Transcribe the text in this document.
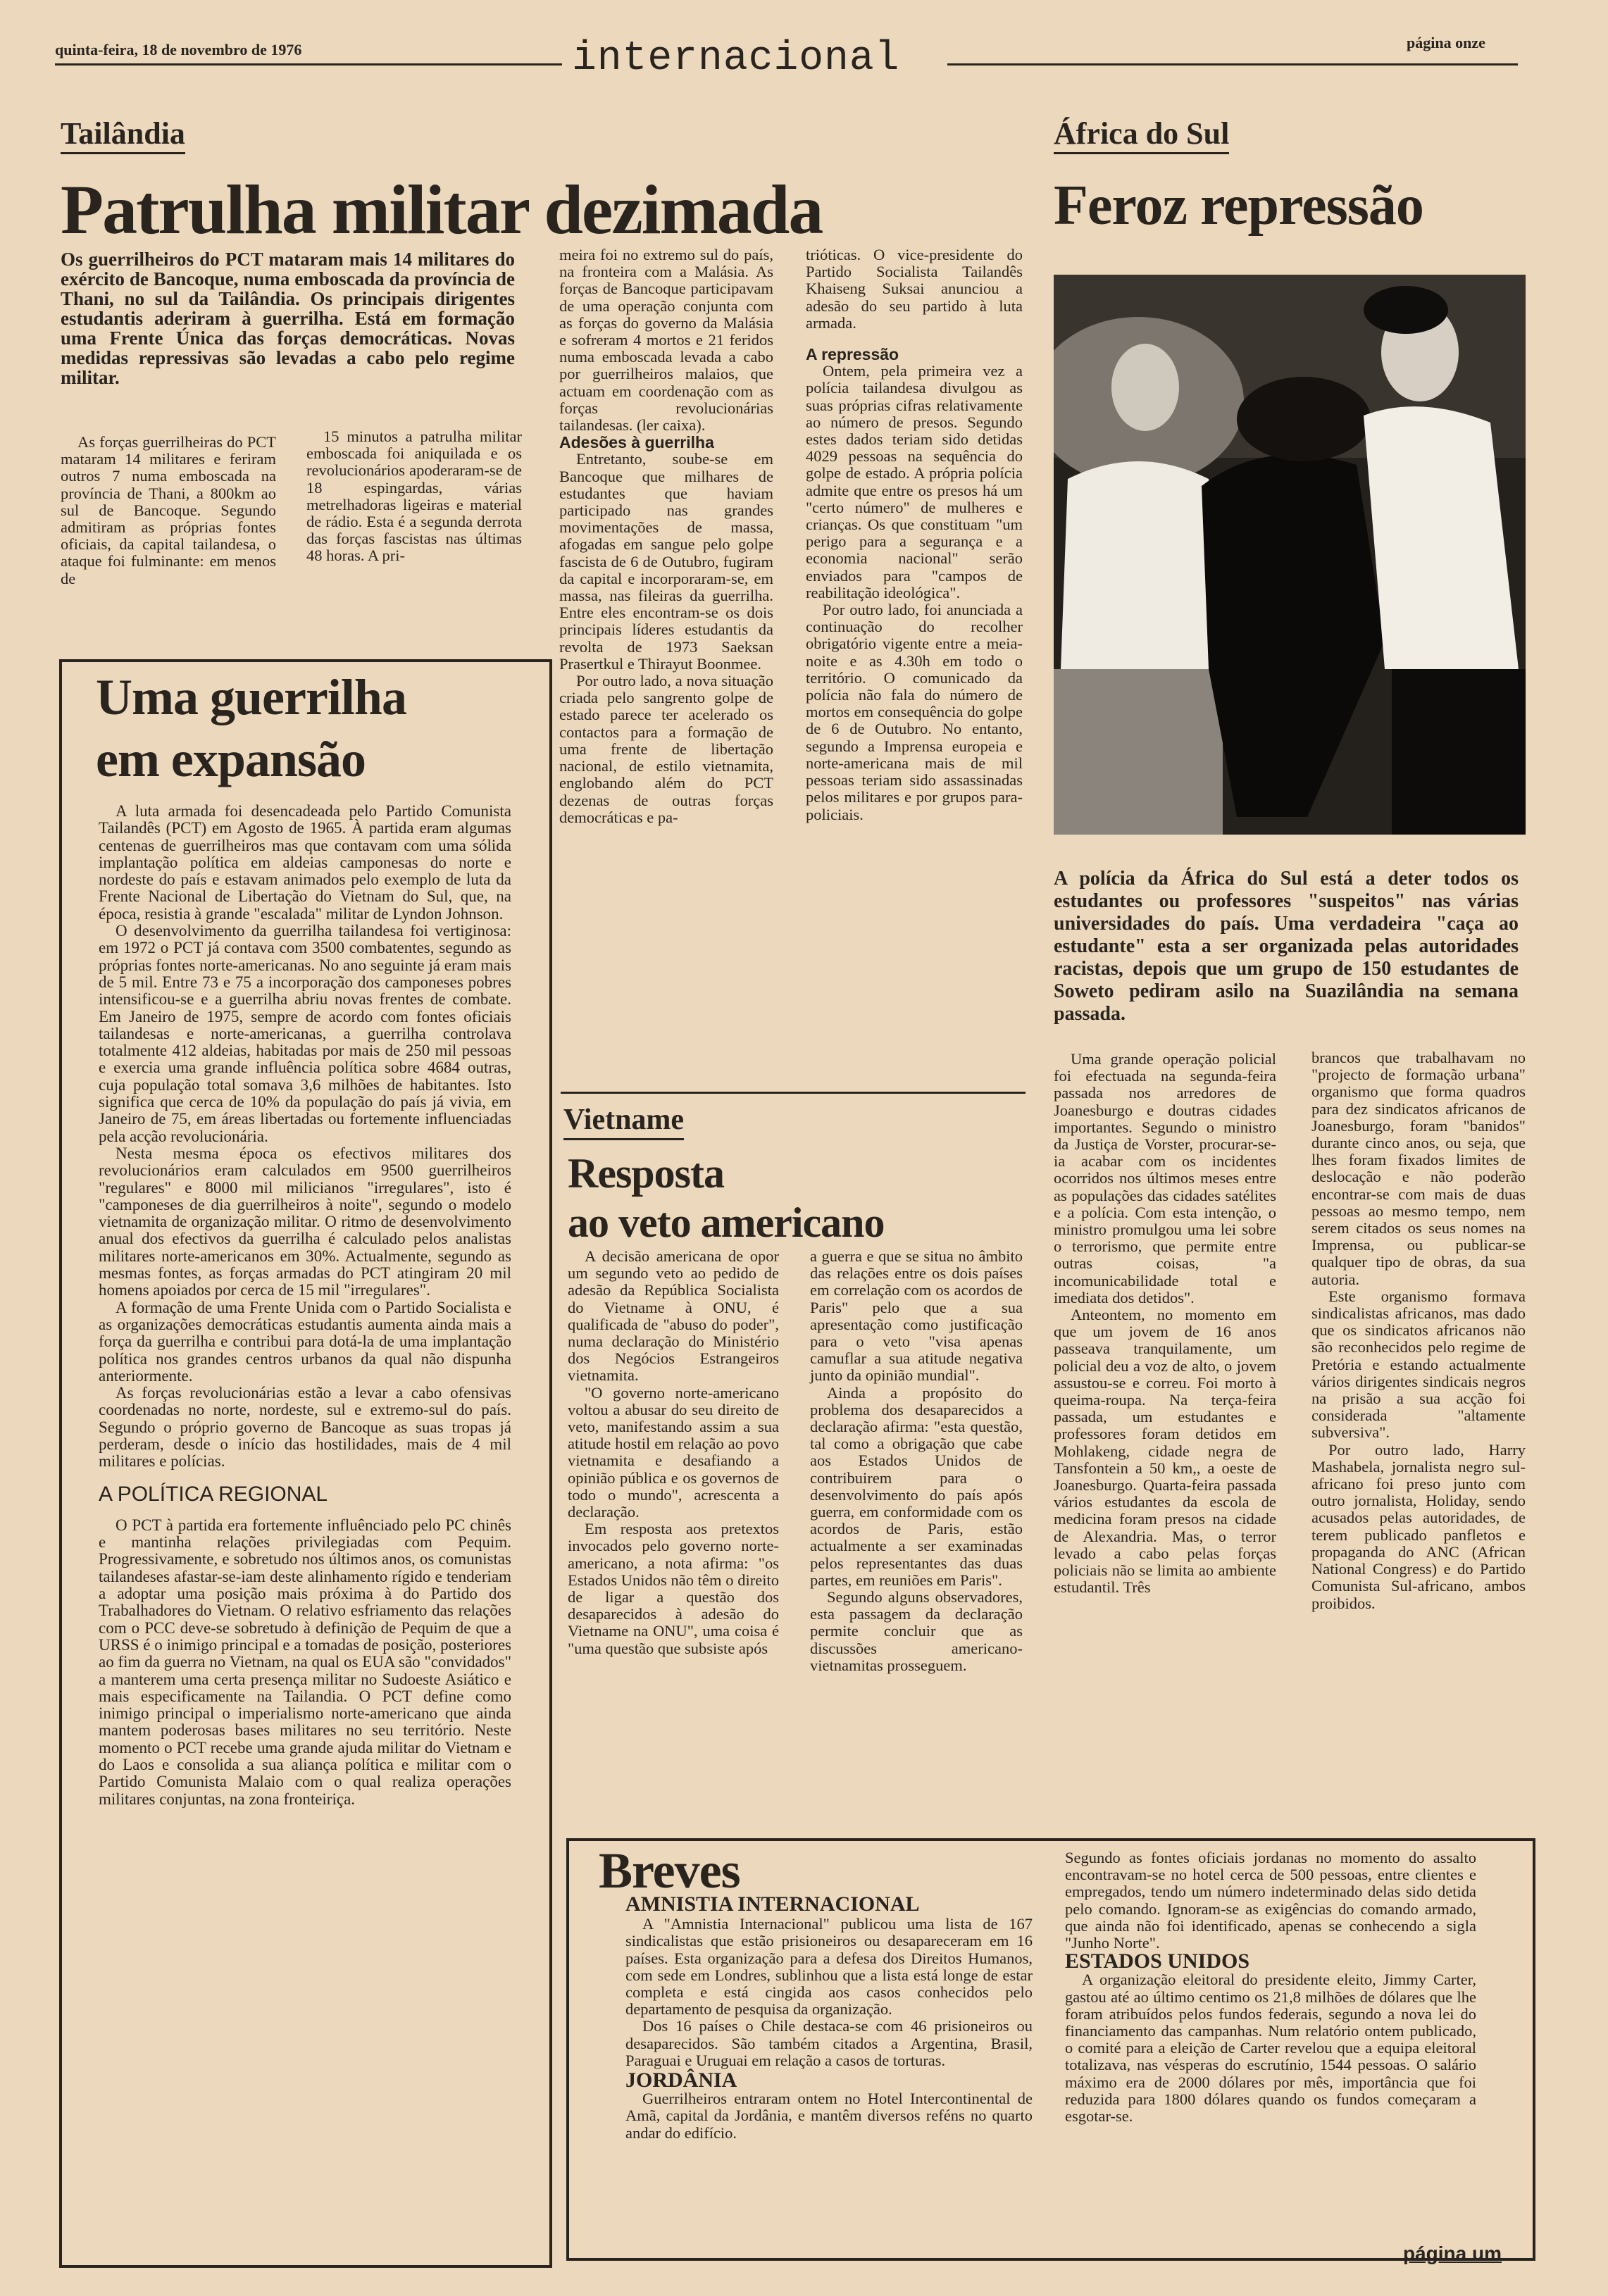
quinta-feira, 18 de novembro de 1976	internacional	página onze
Tailândia
Patrulha militar dezimada
Os guerrilheiros do PCT mataram mais 14 militares do exército de Bancoque, numa emboscada da província de Thani, no sul da Tailândia. Os principais dirigentes estudantis aderiram à guerrilha. Está em formação uma Frente Única das forças democráticas. Novas medidas repressivas são levadas a cabo pelo regime militar.

As forças guerrilheiras do PCT mataram 14 militares e feriram outros 7 numa emboscada na província de Thani, a 800km ao sul de Bancoque. Segundo admitiram as próprias fontes oficiais, da capital tailandesa, o ataque foi fulminante: em menos de

15 minutos a patrulha militar emboscada foi aniquilada e os revolucionários apoderaram-se de 18 espingardas, várias metrelhadoras ligeiras e material de rádio. Esta é a segunda derrota das forças fascistas nas últimas 48 horas. A pri-

meira foi no extremo sul do país, na fronteira com a Malásia. As forças de Bancoque participavam de uma operação conjunta com as forças do governo da Malásia e sofreram 4 mortos e 21 feridos numa emboscada levada a cabo por guerrilheiros malaios, que actuam em coordenação com as forças revolucionárias tailandesas. (ler caixa).

Adesões à guerrilha

Entretanto, soube-se em Bancoque que milhares de estudantes que haviam participado nas grandes movimentações de massa, afogadas em sangue pelo golpe fascista de 6 de Outubro, fugiram da capital e incorporaram-se, em massa, nas fileiras da guerrilha. Entre eles encontram-se os dois principais líderes estudantis da revolta de 1973 Saeksan Prasertkul e Thirayut Boonmee.

Por outro lado, a nova situação criada pelo sangrento golpe de estado parece ter acelerado os contactos para a formação de uma frente de libertação nacional, de estilo vietnamita, englobando além do PCT dezenas de outras forças democráticas e pa-

trióticas. O vice-presidente do Partido Socialista Tailandês Khaiseng Suksai anunciou a adesão do seu partido à luta armada.

A repressão

Ontem, pela primeira vez a polícia tailandesa divulgou as suas próprias cifras relativamente ao número de presos. Segundo estes dados teriam sido detidas 4029 pessoas na sequência do golpe de estado. A própria polícia admite que entre os presos há um "certo número" de mulheres e crianças. Os que constituam "um perigo para a segurança e a economia nacional" serão enviados para "campos de reabilitação ideológica".

Por outro lado, foi anunciada a continuação do recolher obrigatório vigente entre a meia-noite e as 4.30h em todo o território. O comunicado da polícia não fala do número de mortos em consequência do golpe de 6 de Outubro. No entanto, segundo a Imprensa europeia e norte-americana mais de mil pessoas teriam sido assassinadas pelos militares e por grupos para-policiais.

Uma guerrilha
em expansão

A luta armada foi desencadeada pelo Partido Comunista Tailandês (PCT) em Agosto de 1965. À partida eram algumas centenas de guerrilheiros mas que contavam com uma sólida implantação política em aldeias camponesas do norte e nordeste do país e estavam animados pelo exemplo de luta da Frente Nacional de Libertação do Vietnam do Sul, que, na época, resistia à grande "escalada" militar de Lyndon Johnson.

O desenvolvimento da guerrilha tailandesa foi vertiginosa: em 1972 o PCT já contava com 3500 combatentes, segundo as próprias fontes norte-americanas. No ano seguinte já eram mais de 5 mil. Entre 73 e 75 a incorporação dos camponeses pobres intensificou-se e a guerrilha abriu novas frentes de combate. Em Janeiro de 1975, sempre de acordo com fontes oficiais tailandesas e norte-americanas, a guerrilha controlava totalmente 412 aldeias, habitadas por mais de 250 mil pessoas e exercia uma grande influência política sobre 4684 outras, cuja população total somava 3,6 milhões de habitantes. Isto significa que cerca de 10% da população do país já vivia, em Janeiro de 75, em áreas libertadas ou fortemente influenciadas pela acção revolucionária.

Nesta mesma época os efectivos militares dos revolucionários eram calculados em 9500 guerrilheiros "regulares" e 8000 mil milicianos "irregulares", isto é "camponeses de dia guerrilheiros à noite", segundo o modelo vietnamita de organização militar. O ritmo de desenvolvimento anual dos efectivos da guerrilha é calculado pelos analistas militares norte-americanos em 30%. Actualmente, segundo as mesmas fontes, as forças armadas do PCT atingiram 20 mil homens apoiados por cerca de 15 mil "irregulares".

A formação de uma Frente Unida com o Partido Socialista e as organizações democráticas estudantis aumenta ainda mais a força da guerrilha e contribui para dotá-la de uma implantação política nos grandes centros urbanos da qual não dispunha anteriormente.

As forças revolucionárias estão a levar a cabo ofensivas coordenadas no norte, nordeste, sul e extremo-sul do país. Segundo o próprio governo de Bancoque as suas tropas já perderam, desde o início das hostilidades, mais de 4 mil militares e polícias.

A POLÍTICA REGIONAL

O PCT à partida era fortemente influênciado pelo PC chinês e mantinha relações privilegiadas com Pequim. Progressivamente, e sobretudo nos últimos anos, os comunistas tailandeses afastar-se-iam deste alinhamento rígido e tenderiam a adoptar uma posição mais próxima à do Partido dos Trabalhadores do Vietnam. O relativo esfriamento das relações com o PCC deve-se sobretudo à definição de Pequim de que a URSS é o inimigo principal e a tomadas de posição, posteriores ao fim da guerra no Vietnam, na qual os EUA são "convidados" a manterem uma certa presença militar no Sudoeste Asiático e mais especificamente na Tailandia. O PCT define como inimigo principal o imperialismo norte-americano que ainda mantem poderosas bases militares no seu território. Neste momento o PCT recebe uma grande ajuda militar do Vietnam e do Laos e consolida a sua aliança política e militar com o Partido Comunista Malaio com o qual realiza operações militares conjuntas, na zona fronteiriça.

Vietname
Resposta
ao veto americano

A decisão americana de opor um segundo veto ao pedido de adesão da República Socialista do Vietname à ONU, é qualificada de "abuso do poder", numa declaração do Ministério dos Negócios Estrangeiros vietnamita.

"O governo norte-americano voltou a abusar do seu direito de veto, manifestando assim a sua atitude hostil em relação ao povo vietnamita e desafiando a opinião pública e os governos de todo o mundo", acrescenta a declaração.

Em resposta aos pretextos invocados pelo governo norte-americano, a nota afirma: "os Estados Unidos não têm o direito de ligar a questão dos desaparecidos à adesão do Vietname na ONU", uma coisa é "uma questão que subsiste após

a guerra e que se situa no âmbito das relações entre os dois países em correlação com os acordos de Paris" pelo que a sua apresentação como justificação para o veto "visa apenas camuflar a sua atitude negativa junto da opinião mundial".

Ainda a propósito do problema dos desaparecidos a declaração afirma: "esta questão, tal como a obrigação que cabe aos Estados Unidos de contribuirem para o desenvolvimento do país após guerra, em conformidade com os acordos de Paris, estão actualmente a ser examinadas pelos representantes das duas partes, em reuniões em Paris".

Segundo alguns observadores, esta passagem da declaração permite concluir que as discussões americano-vietnamitas prosseguem.

África do Sul
Feroz repressão
A polícia da África do Sul está a deter todos os estudantes ou professores "suspeitos" nas várias universidades do país. Uma verdadeira "caça ao estudante" esta a ser organizada pelas autoridades racistas, depois que um grupo de 150 estudantes de Soweto pediram asilo na Suazilândia na semana passada.

Uma grande operação policial foi efectuada na segunda-feira passada nos arredores de Joanesburgo e doutras cidades importantes. Segundo o ministro da Justiça de Vorster, procurar-se-ia acabar com os incidentes ocorridos nos últimos meses entre as populações das cidades satélites e a polícia. Com esta intenção, o ministro promulgou uma lei sobre o terrorismo, que permite entre outras coisas, "a incomunicabilidade total e imediata dos detidos".

Anteontem, no momento em que um jovem de 16 anos passeava tranquilamente, um policial deu a voz de alto, o jovem assustou-se e correu. Foi morto à queima-roupa. Na terça-feira passada, um estudantes e professores foram detidos em Mohlakeng, cidade negra de Tansfontein a 50 km,, a oeste de Joanesburgo. Quarta-feira passada vários estudantes da escola de medicina foram presos na cidade de Alexandria. Mas, o terror levado a cabo pelas forças policiais não se limita ao ambiente estudantil. Três

brancos que trabalhavam no "projecto de formação urbana" organismo que forma quadros para dez sindicatos africanos de Joanesburgo, foram "banidos" durante cinco anos, ou seja, que lhes foram fixados limites de deslocação e não poderão encontrar-se com mais de duas pessoas ao mesmo tempo, nem serem citados os seus nomes na Imprensa, ou publicar-se qualquer tipo de obras, da sua autoria.

Este organismo formava sindicalistas africanos, mas dado que os sindicatos africanos não são reconhecidos pelo regime de Pretória e estando actualmente vários dirigentes sindicais negros na prisão a sua acção foi considerada "altamente subversiva".

Por outro lado, Harry Mashabela, jornalista negro sul-africano foi preso junto com outro jornalista, Holiday, sendo acusados pelas autoridades, de terem publicado panfletos e propaganda do ANC (African National Congress) e do Partido Comunista Sul-africano, ambos proibidos.

Breves

AMNISTIA INTERNACIONAL

A "Amnistia Internacional" publicou uma lista de 167 sindicalistas que estão prisioneiros ou desapareceram em 16 países. Esta organização para a defesa dos Direitos Humanos, com sede em Londres, sublinhou que a lista está longe de estar completa e está cingida aos casos conhecidos pelo departamento de pesquisa da organização.

Dos 16 países o Chile destaca-se com 46 prisioneiros ou desaparecidos. São também citados a Argentina, Brasil, Paraguai e Uruguai em relação a casos de torturas.

JORDÂNIA

Guerrilheiros entraram ontem no Hotel Intercontinental de Amã, capital da Jordânia, e mantêm diversos reféns no quarto andar do edifício.

Segundo as fontes oficiais jordanas no momento do assalto encontravam-se no hotel cerca de 500 pessoas, entre clientes e empregados, tendo um número indeterminado delas sido detida pelo comando. Ignoram-se as exigências do comando armado, que ainda não foi identificado, apenas se conhecendo a sigla "Junho Norte".

ESTADOS UNIDOS

A organização eleitoral do presidente eleito, Jimmy Carter, gastou até ao último centimo os 21,8 milhões de dólares que lhe foram atribuídos pelos fundos federais, segundo a nova lei do financiamento das campanhas. Num relatório ontem publicado, o comité para a eleição de Carter revelou que a equipa eleitoral totalizava, nas vésperas do escrutínio, 1544 pessoas. O salário máximo era de 2000 dólares por mês, importância que foi reduzida para 1800 dólares quando os fundos começaram a esgotar-se.

página um
